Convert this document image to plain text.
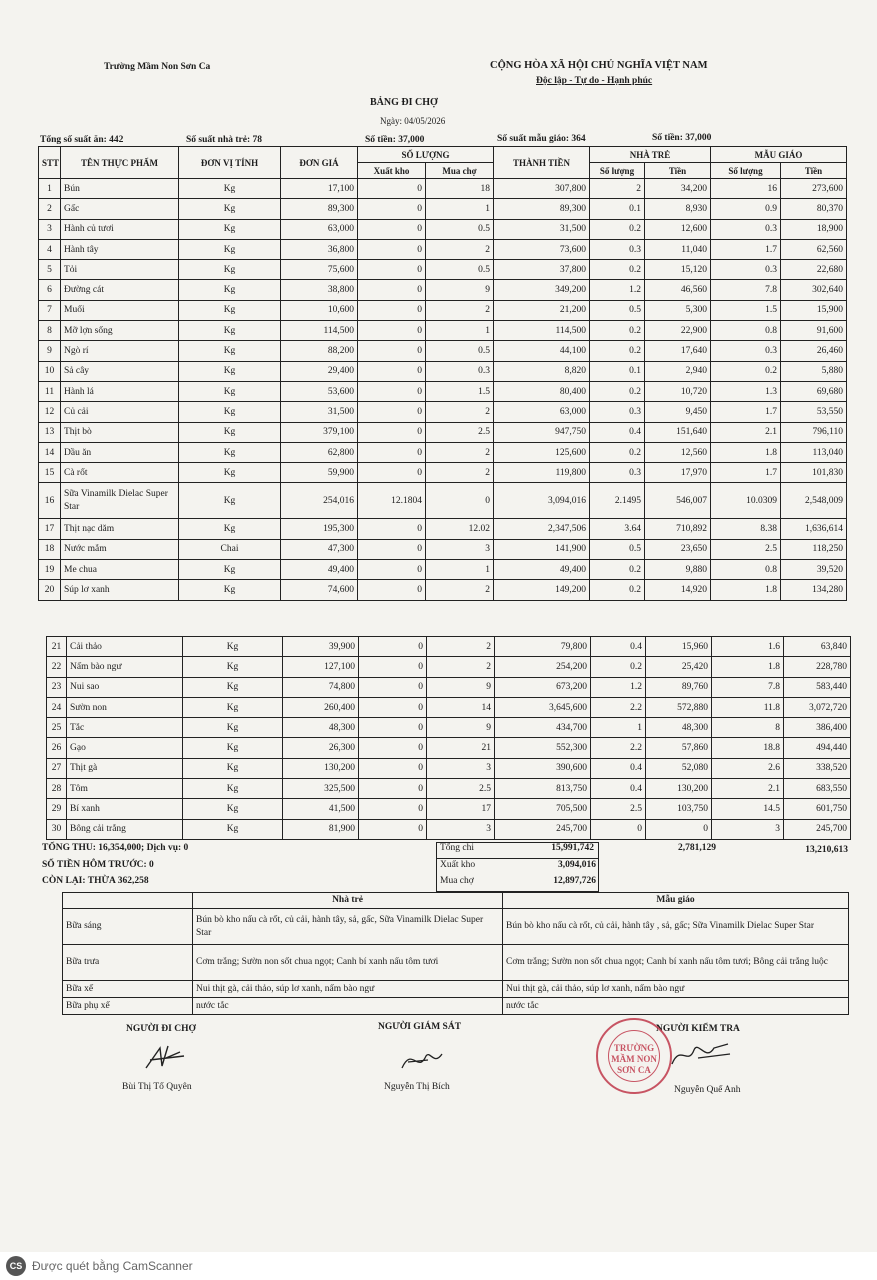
Trường Mầm Non Sơn Ca	CỘNG HÒA XÃ HỘI CHỦ NGHĨA VIỆT NAM
Độc lập - Tự do - Hạnh phúc
BẢNG ĐI CHỢ
Ngày: 04/05/2026
Tổng số suất ăn: 442	Số suất nhà trẻ: 78	Số tiền: 37,000	Số suất mẫu giáo: 364	Số tiền: 37,000
STT	TÊN THỰC PHẨM	ĐƠN VỊ TÍNH	ĐƠN GIÁ	SỐ LƯỢNG		THÀNH TIỀN	NHÀ TRẺ		MẪU GIÁO	
				Xuất kho	Mua chợ		Số lượng	Tiền	Số lượng	Tiền
1	Bún	Kg	17,100	0	18	307,800	2	34,200	16	273,600
2	Gấc	Kg	89,300	0	1	89,300	0.1	8,930	0.9	80,370
3	Hành củ tươi	Kg	63,000	0	0.5	31,500	0.2	12,600	0.3	18,900
4	Hành tây	Kg	36,800	0	2	73,600	0.3	11,040	1.7	62,560
5	Tỏi	Kg	75,600	0	0.5	37,800	0.2	15,120	0.3	22,680
6	Đường cát	Kg	38,800	0	9	349,200	1.2	46,560	7.8	302,640
7	Muối	Kg	10,600	0	2	21,200	0.5	5,300	1.5	15,900
8	Mỡ lợn sống	Kg	114,500	0	1	114,500	0.2	22,900	0.8	91,600
9	Ngò rí	Kg	88,200	0	0.5	44,100	0.2	17,640	0.3	26,460
10	Sả cây	Kg	29,400	0	0.3	8,820	0.1	2,940	0.2	5,880
11	Hành lá	Kg	53,600	0	1.5	80,400	0.2	10,720	1.3	69,680
12	Củ cải	Kg	31,500	0	2	63,000	0.3	9,450	1.7	53,550
13	Thịt bò	Kg	379,100	0	2.5	947,750	0.4	151,640	2.1	796,110
14	Dầu ăn	Kg	62,800	0	2	125,600	0.2	12,560	1.8	113,040
15	Cà rốt	Kg	59,900	0	2	119,800	0.3	17,970	1.7	101,830
16	Sữa Vinamilk Dielac Super Star	Kg	254,016	12.1804	0	3,094,016	2.1495	546,007	10.0309	2,548,009
17	Thịt nạc dăm	Kg	195,300	0	12.02	2,347,506	3.64	710,892	8.38	1,636,614
18	Nước mắm	Chai	47,300	0	3	141,900	0.5	23,650	2.5	118,250
19	Me chua	Kg	49,400	0	1	49,400	0.2	9,880	0.8	39,520
20	Súp lơ xanh	Kg	74,600	0	2	149,200	0.2	14,920	1.8	134,280
21	Cải thảo	Kg	39,900	0	2	79,800	0.4	15,960	1.6	63,840
22	Nấm bào ngư	Kg	127,100	0	2	254,200	0.2	25,420	1.8	228,780
23	Nui sao	Kg	74,800	0	9	673,200	1.2	89,760	7.8	583,440
24	Sườn non	Kg	260,400	0	14	3,645,600	2.2	572,880	11.8	3,072,720
25	Tắc	Kg	48,300	0	9	434,700	1	48,300	8	386,400
26	Gạo	Kg	26,300	0	21	552,300	2.2	57,860	18.8	494,440
27	Thịt gà	Kg	130,200	0	3	390,600	0.4	52,080	2.6	338,520
28	Tôm	Kg	325,500	0	2.5	813,750	0.4	130,200	2.1	683,550
29	Bí xanh	Kg	41,500	0	17	705,500	2.5	103,750	14.5	601,750
30	Bông cải trắng	Kg	81,900	0	3	245,700	0	0	3	245,700
TỔNG THU: 16,354,000; Dịch vụ: 0
SỐ TIỀN HÔM TRƯỚC: 0
CÒN LẠI: THỪA 362,258
Tổng chi	15,991,742	2,781,129	13,210,613
Xuất kho	3,094,016
Mua chợ	12,897,726
	Nhà trẻ	Mẫu giáo
Bữa sáng	Bún bò kho nấu cà rốt, củ cải, hành tây, sả, gấc, Sữa Vinamilk Dielac Super Star	Bún bò kho nấu cà rốt, củ cải, hành tây , sả, gấc; Sữa Vinamilk Dielac Super Star
Bữa trưa	Cơm trắng; Sườn non sốt chua ngọt; Canh bí xanh nấu tôm tươi	Cơm trắng; Sườn non sốt chua ngọt; Canh bí xanh nấu tôm tươi; Bông cải trắng luộc
Bữa xế	Nui thịt gà, cải thảo, súp lơ xanh, nấm bào ngư	Nui thịt gà, cải thảo, súp lơ xanh, nấm bào ngư
Bữa phụ xế	nước tắc	nước tắc
NGƯỜI ĐI CHỢ
Bùi Thị Tố Quyên
NGƯỜI GIÁM SÁT
Nguyễn Thị Bích
NGƯỜI KIỂM TRA
TRƯỜNG MẦM NON SƠN CA
Nguyễn Quế Anh
CS Được quét bằng CamScanner
